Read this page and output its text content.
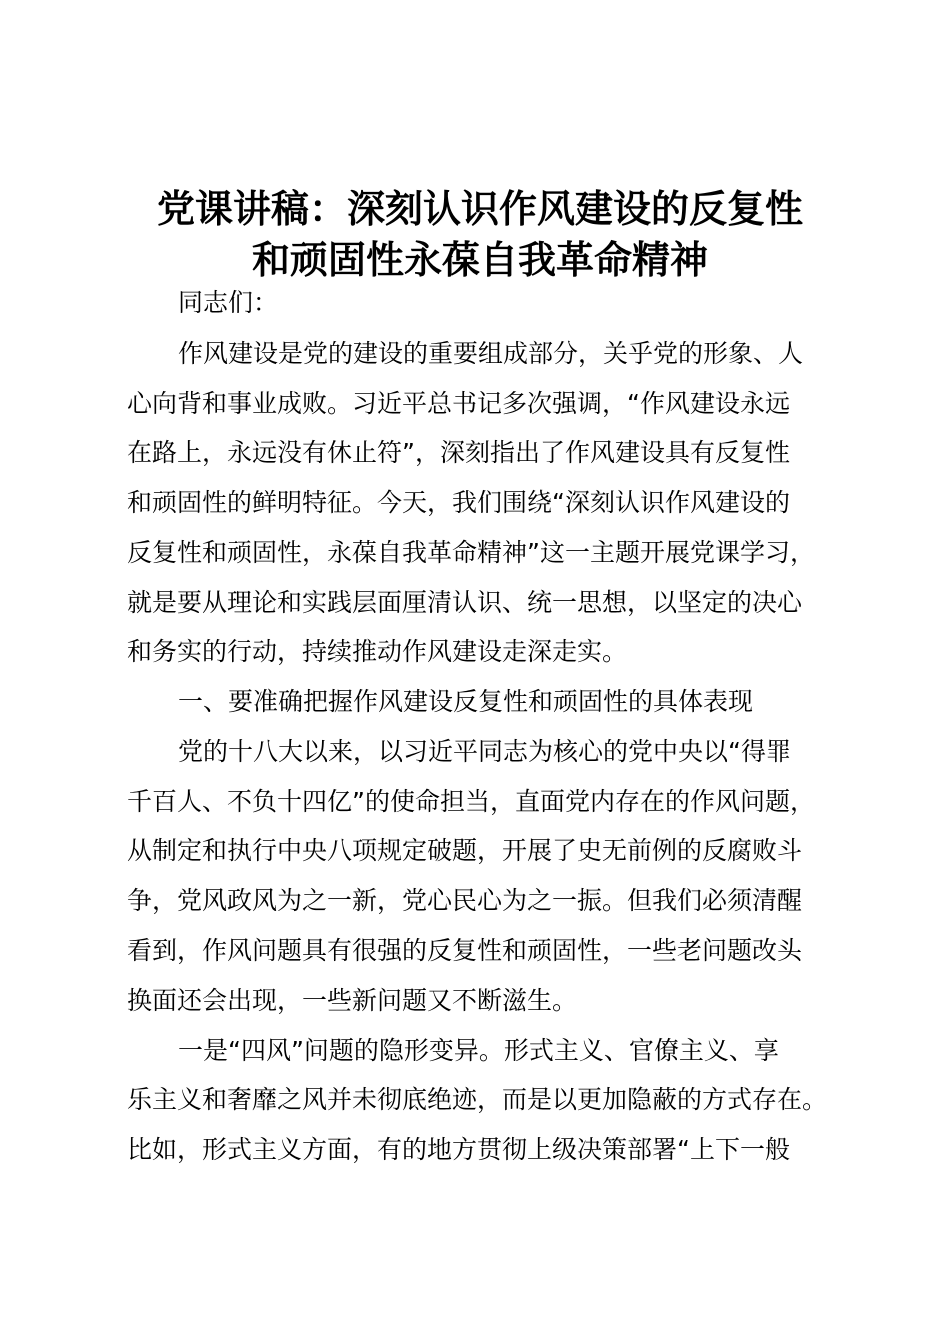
党课讲稿：深刻认识作风建设的反复性
和顽固性永葆自我革命精神
同志们：
作风建设是党的建设的重要组成部分，关乎党的形象、人
心向背和事业成败。习近平总书记多次强调，“作风建设永远
在路上，永远没有休止符”，深刻指出了作风建设具有反复性
和顽固性的鲜明特征。今天，我们围绕“深刻认识作风建设的
反复性和顽固性，永葆自我革命精神”这一主题开展党课学习，
就是要从理论和实践层面厘清认识、统一思想，以坚定的决心
和务实的行动，持续推动作风建设走深走实。
一、要准确把握作风建设反复性和顽固性的具体表现
党的十八大以来，以习近平同志为核心的党中央以“得罪
千百人、不负十四亿”的使命担当，直面党内存在的作风问题，
从制定和执行中央八项规定破题，开展了史无前例的反腐败斗
争，党风政风为之一新，党心民心为之一振。但我们必须清醒
看到，作风问题具有很强的反复性和顽固性，一些老问题改头
换面还会出现，一些新问题又不断滋生。
一是“四风”问题的隐形变异。形式主义、官僚主义、享
乐主义和奢靡之风并未彻底绝迹，而是以更加隐蔽的方式存在。
比如，形式主义方面，有的地方贯彻上级决策部署“上下一般
